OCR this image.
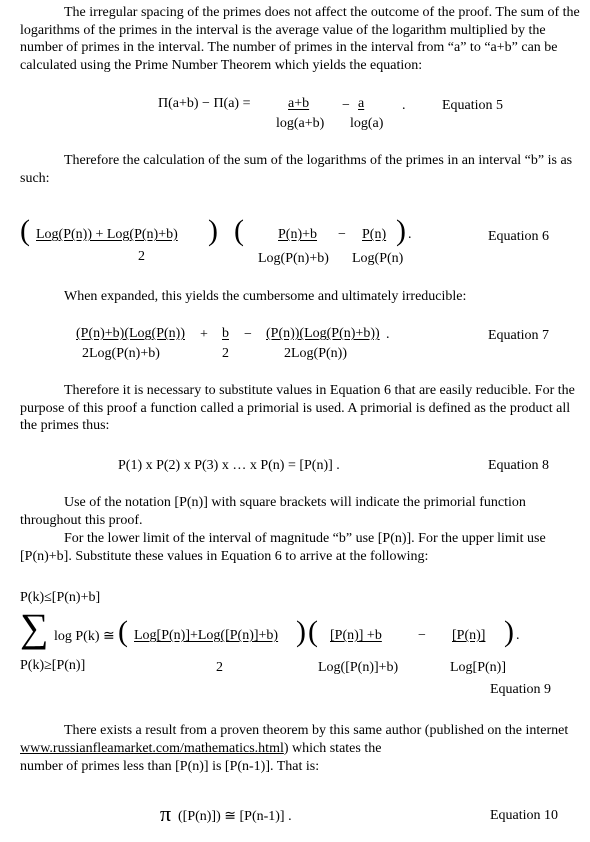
The irregular spacing of the primes does not affect the outcome of the proof. The sum of the logarithms of the primes in the interval is the average value of the logarithm multiplied by the number of primes in the interval. The number of primes in the interval from “a” to “a+b” can be calculated using the Prime Number Theorem which yields the equation:
Π(a+b) − Π(a) =	a+b
log(a+b)
− a
log(a)
.	Equation 5
Therefore the calculation of the sum of the logarithms of the primes in an interval “b” is as such:
( Log(P(n)) + Log(P(n)+b)
2
) ( P(n)+b
Log(P(n)+b)
− P(n)
Log(P(n)
) .	Equation 6
When expanded, this yields the cumbersome and ultimately irreducible:
(P(n)+b)(Log(P(n))
2Log(P(n)+b)
+ b
2
− (P(n))(Log(P(n)+b))
2Log(P(n))
.	Equation 7
Therefore it is necessary to substitute values in Equation 6 that are easily reducible. For the purpose of this proof a function called a primorial is used. A primorial is defined as the product all the primes thus:
P(1) x P(2) x P(3) x … x P(n) = [P(n)] .	Equation 8
Use of the notation [P(n)] with square brackets will indicate the primorial function throughout this proof.
For the lower limit of the interval of magnitude “b” use [P(n)]. For the upper limit use [P(n)+b]. Substitute these values in Equation 6 to arrive at the following:
P(k)≤[P(n)+b]
∑ log P(k) ≅
P(k)≥[P(n)]
( Log[P(n)]+Log([P(n)]+b)
2
) ( [P(n)] +b
Log([P(n)]+b)
− [P(n)]
Log[P(n)]
) .
Equation 9
There exists a result from a proven theorem by this same author (published on the internet www.russianfleamarket.com/mathematics.html) which states the
number of primes less than [P(n)] is [P(n-1)]. That is:
π ([P(n)]) ≅ [P(n-1)] .	Equation 10
